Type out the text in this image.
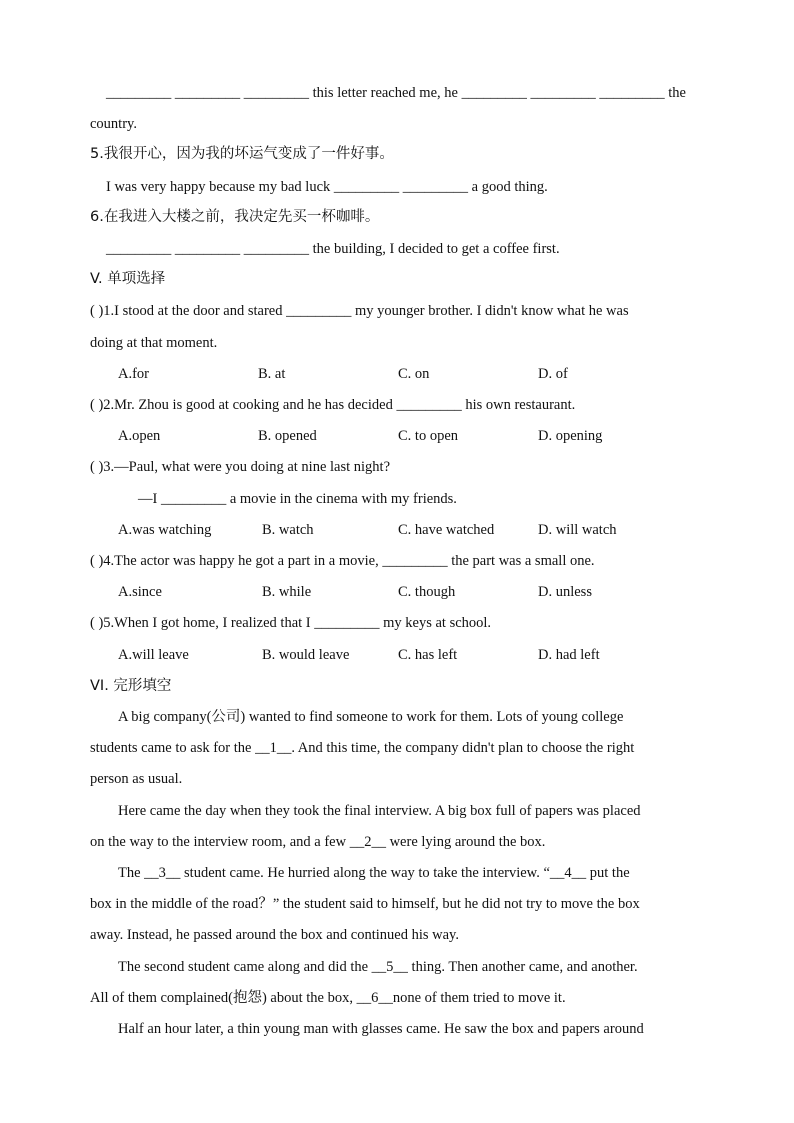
_________ _________ _________ this letter reached me, he _________ _________ _________ the
country.
5.我很开心，因为我的坏运气变成了一件好事。
I was very happy because my bad luck _________ _________ a good thing.
6.在我进入大楼之前，我决定先买一杯咖啡。
_________ _________ _________ the building, I decided to get a coffee first.
V. 单项选择
( )1.I stood at the door and stared _________ my younger brother. I didn't know what he was
doing at that moment.
A.for	B. at	C. on	D. of
( )2.Mr. Zhou is good at cooking and he has decided _________ his own restaurant.
A.open	B. opened	C. to open	D. opening
( )3.—Paul, what were you doing at nine last night?
—I _________ a movie in the cinema with my friends.
A.was watching	B. watch	C. have watched	D. will watch
( )4.The actor was happy he got a part in a movie, _________ the part was a small one.
A.since	B. while	C. though	D. unless
( )5.When I got home, I realized that I _________ my keys at school.
A.will leave	B. would leave	C. has left	D. had left
VI. 完形填空
A big company(公司) wanted to find someone to work for them. Lots of young college
students came to ask for the __1__. And this time, the company didn't plan to choose the right
person as usual.
Here came the day when they took the final interview. A big box full of papers was placed
on the way to the interview room, and a few __2__ were lying around the box.
The __3__ student came. He hurried along the way to take the interview. “__4__ put the
box in the middle of the road？” the student said to himself, but he did not try to move the box
away. Instead, he passed around the box and continued his way.
The second student came along and did the __5__ thing. Then another came, and another.
All of them complained(抱怨) about the box, __6__none of them tried to move it.
Half an hour later, a thin young man with glasses came. He saw the box and papers around
